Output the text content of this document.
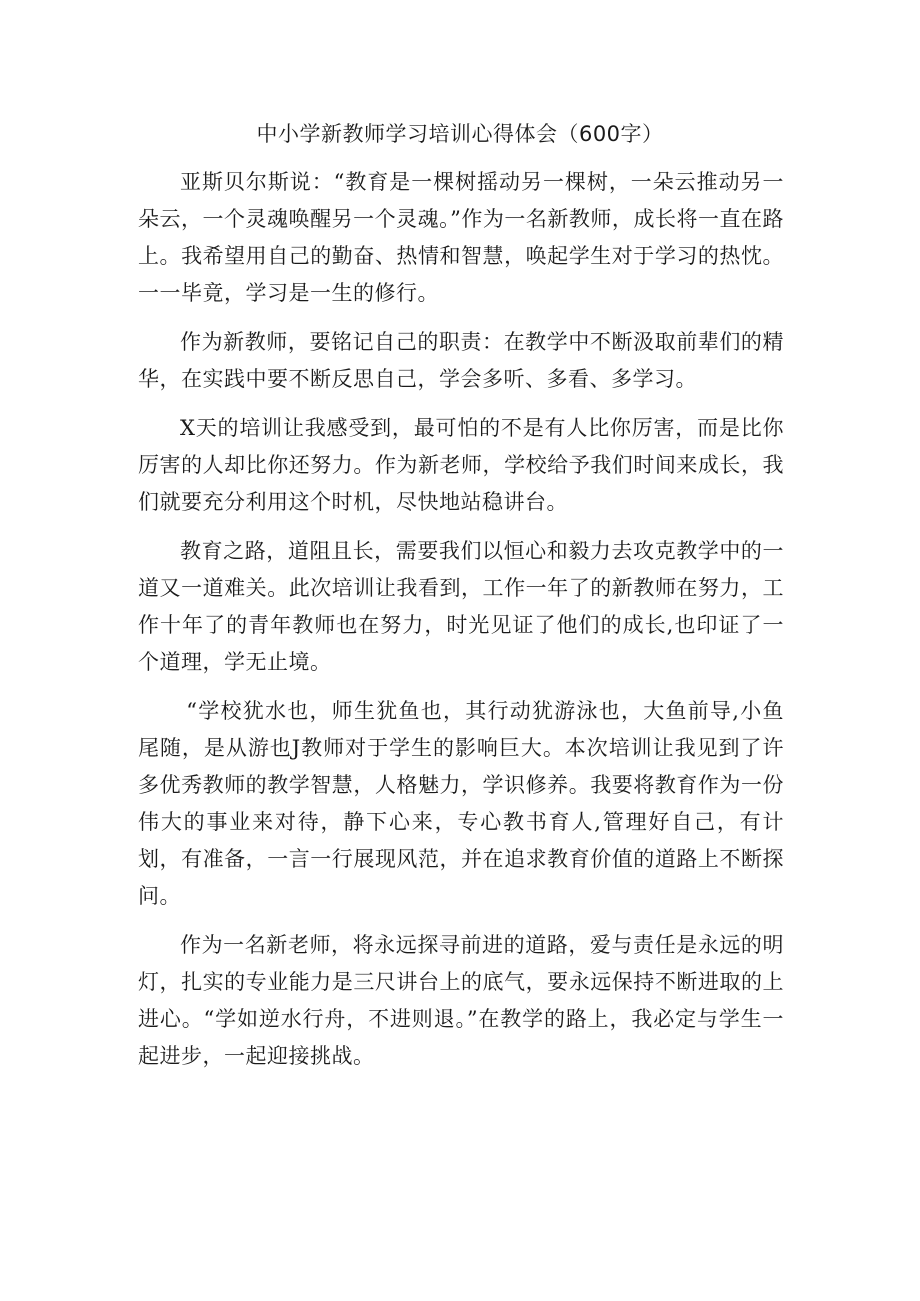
中小学新教师学习培训心得体会（600字）

亚斯贝尔斯说：“教育是一棵树摇动另一棵树，一朵云推动另一朵云，一个灵魂唤醒另一个灵魂。”作为一名新教师，成长将一直在路上。我希望用自己的勤奋、热情和智慧，唤起学生对于学习的热忱。一一毕竟，学习是一生的修行。

作为新教师，要铭记自己的职责：在教学中不断汲取前辈们的精华，在实践中要不断反思自己，学会多听、多看、多学习。

X天的培训让我感受到，最可怕的不是有人比你厉害，而是比你厉害的人却比你还努力。作为新老师，学校给予我们时间来成长，我们就要充分利用这个时机，尽快地站稳讲台。

教育之路，道阻且长，需要我们以恒心和毅力去攻克教学中的一道又一道难关。此次培训让我看到，工作一年了的新教师在努力，工作十年了的青年教师也在努力，时光见证了他们的成长,也印证了一个道理，学无止境。

“学校犹水也，师生犹鱼也，其行动犹游泳也，大鱼前导,小鱼尾随，是从游也J教师对于学生的影响巨大。本次培训让我见到了许多优秀教师的教学智慧，人格魅力，学识修养。我要将教育作为一份伟大的事业来对待，静下心来，专心教书育人,管理好自己，有计划，有准备，一言一行展现风范，并在追求教育价值的道路上不断探问。

作为一名新老师，将永远探寻前进的道路，爱与责任是永远的明灯，扎实的专业能力是三尺讲台上的底气，要永远保持不断进取的上进心。“学如逆水行舟，不进则退。”在教学的路上，我必定与学生一起进步，一起迎接挑战。
